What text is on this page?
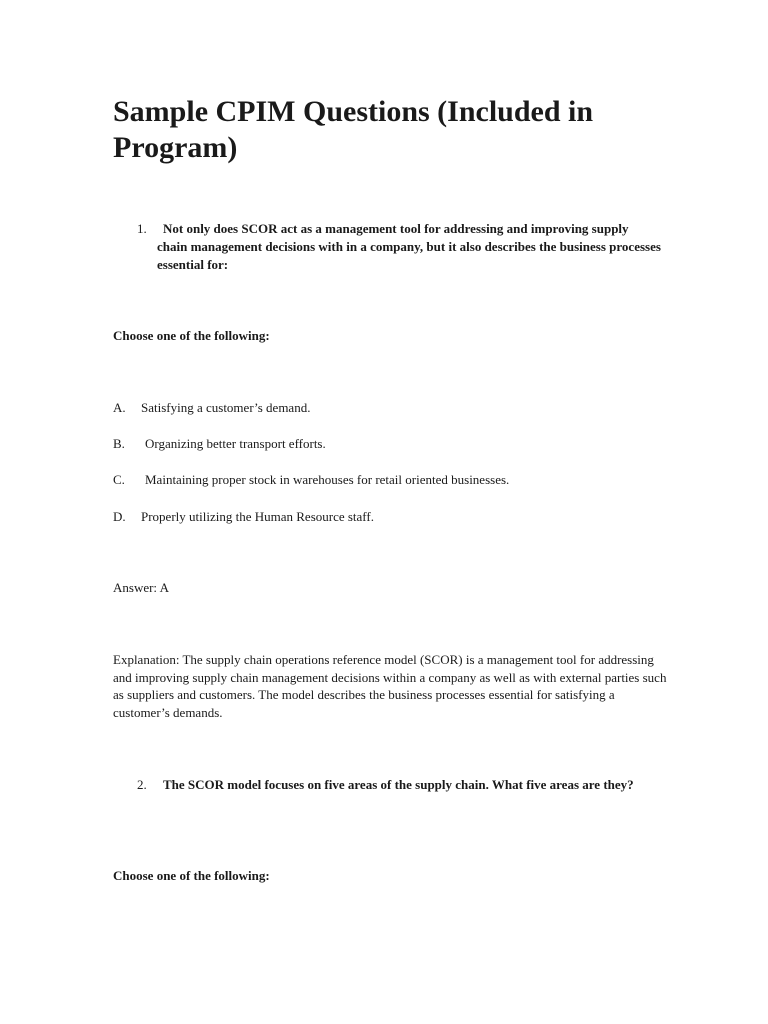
Sample CPIM Questions (Included in Program)
1.	Not only does SCOR act as a management tool for addressing and improving supply chain management decisions with in a company, but it also describes the business processes essential for:
Choose one of the following:
A. Satisfying a customer’s demand.
B. Organizing better transport efforts.
C. Maintaining proper stock in warehouses for retail oriented businesses.
D. Properly utilizing the Human Resource staff.
Answer: A
Explanation: The supply chain operations reference model (SCOR) is a management tool for addressing and improving supply chain management decisions within a company as well as with external parties such as suppliers and customers. The model describes the business processes essential for satisfying a customer’s demands.
2.	The SCOR model focuses on five areas of the supply chain. What five areas are they?
Choose one of the following:
